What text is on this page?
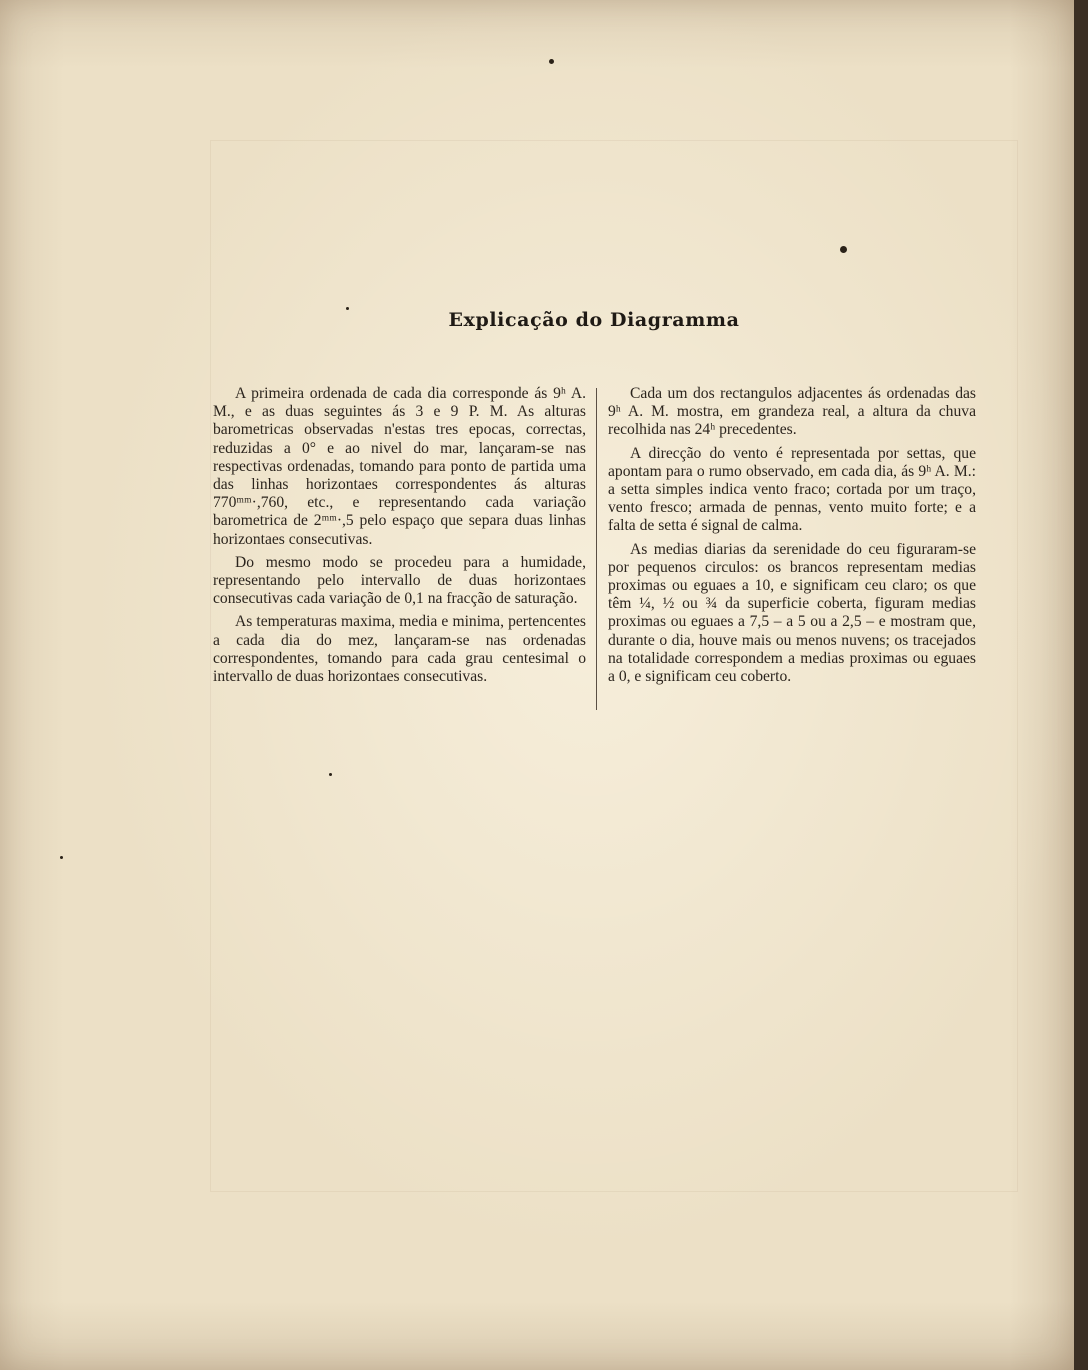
Explicação do Diagramma

A primeira ordenada de cada dia corresponde ás 9ʰ A. M., e as duas seguintes ás 3 e 9 P. M. As alturas barometricas observadas n'estas tres epocas, correctas, reduzidas a 0° e ao nivel do mar, lançaram-se nas respectivas ordenadas, tomando para ponto de partida uma das linhas horizontaes correspondentes ás alturas 770ᵐᵐ·,760, etc., e representando cada variação barometrica de 2ᵐᵐ·,5 pelo espaço que separa duas linhas horizontaes consecutivas.

Do mesmo modo se procedeu para a humidade, representando pelo intervallo de duas horizontaes consecutivas cada variação de 0,1 na fracção de saturação.

As temperaturas maxima, media e minima, pertencentes a cada dia do mez, lançaram-se nas ordenadas correspondentes, tomando para cada grau centesimal o intervallo de duas horizontaes consecutivas.

Cada um dos rectangulos adjacentes ás ordenadas das 9ʰ A. M. mostra, em grandeza real, a altura da chuva recolhida nas 24ʰ precedentes.

A direcção do vento é representada por settas, que apontam para o rumo observado, em cada dia, ás 9ʰ A. M.: a setta simples indica vento fraco; cortada por um traço, vento fresco; armada de pennas, vento muito forte; e a falta de setta é signal de calma.

As medias diarias da serenidade do ceu figuraram-se por pequenos circulos: os brancos representam medias proximas ou eguaes a 10, e significam ceu claro; os que têm ¼, ½ ou ¾ da superficie coberta, figuram medias proximas ou eguaes a 7,5 – a 5 ou a 2,5 – e mostram que, durante o dia, houve mais ou menos nuvens; os tracejados na totalidade correspondem a medias proximas ou eguaes a 0, e significam ceu coberto.
